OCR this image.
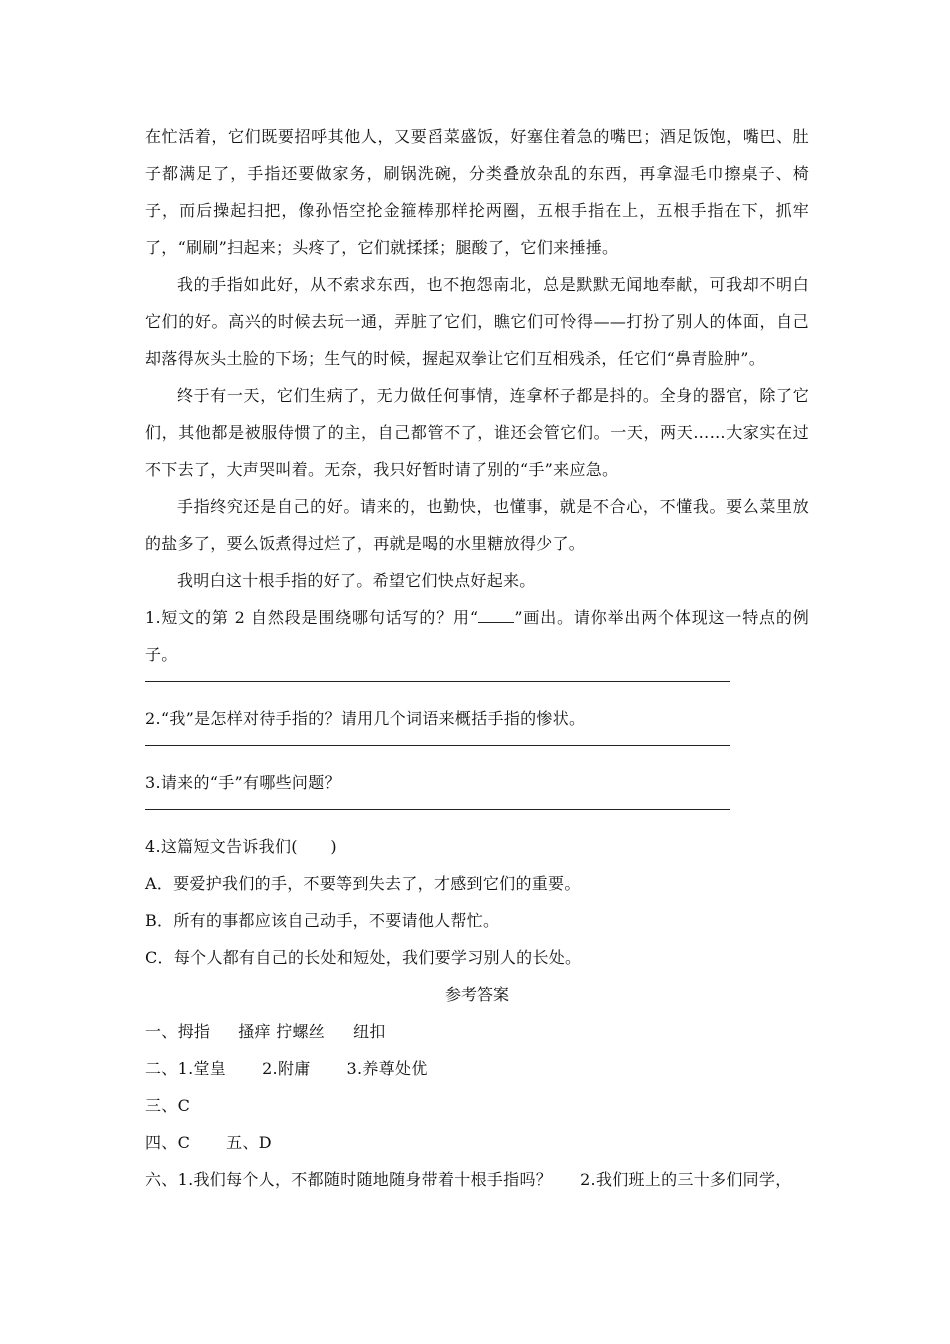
在忙活着，它们既要招呼其他人，又要舀菜盛饭，好塞住着急的嘴巴；酒足饭饱，嘴巴、肚子都满足了，手指还要做家务，刷锅洗碗，分类叠放杂乱的东西，再拿湿毛巾擦桌子、椅子，而后操起扫把，像孙悟空抡金箍棒那样抡两圈，五根手指在上，五根手指在下，抓牢了，“刷刷”扫起来；头疼了，它们就揉揉；腿酸了，它们来捶捶。

我的手指如此好，从不索求东西，也不抱怨南北，总是默默无闻地奉献，可我却不明白它们的好。高兴的时候去玩一通，弄脏了它们，瞧它们可怜得——打扮了别人的体面，自己却落得灰头土脸的下场；生气的时候，握起双拳让它们互相残杀，任它们“鼻青脸肿”。

终于有一天，它们生病了，无力做任何事情，连拿杯子都是抖的。全身的器官，除了它们，其他都是被服侍惯了的主，自己都管不了，谁还会管它们。一天，两天……大家实在过不下去了，大声哭叫着。无奈，我只好暂时请了别的“手”来应急。

手指终究还是自己的好。请来的，也勤快，也懂事，就是不合心，不懂我。要么菜里放的盐多了，要么饭煮得过烂了，再就是喝的水里糖放得少了。

我明白这十根手指的好了。希望它们快点好起来。

1.短文的第 2 自然段是围绕哪句话写的？用“ ”画出。请你举出两个体现这一特点的例子。

2.“我”是怎样对待手指的？请用几个词语来概括手指的惨状。

3.请来的“手”有哪些问题？

4.这篇短文告诉我们(　　)

A．要爱护我们的手，不要等到失去了，才感到它们的重要。

B．所有的事都应该自己动手，不要请他人帮忙。

C．每个人都有自己的长处和短处，我们要学习别人的长处。

参考答案

一、拇指 搔痒 拧螺丝 纽扣

二、1.堂皇 2.附庸 3.养尊处优

三、C

四、C 五、D

六、1.我们每个人，不都随时随地随身带着十根手指吗？ 2.我们班上的三十多们同学，
